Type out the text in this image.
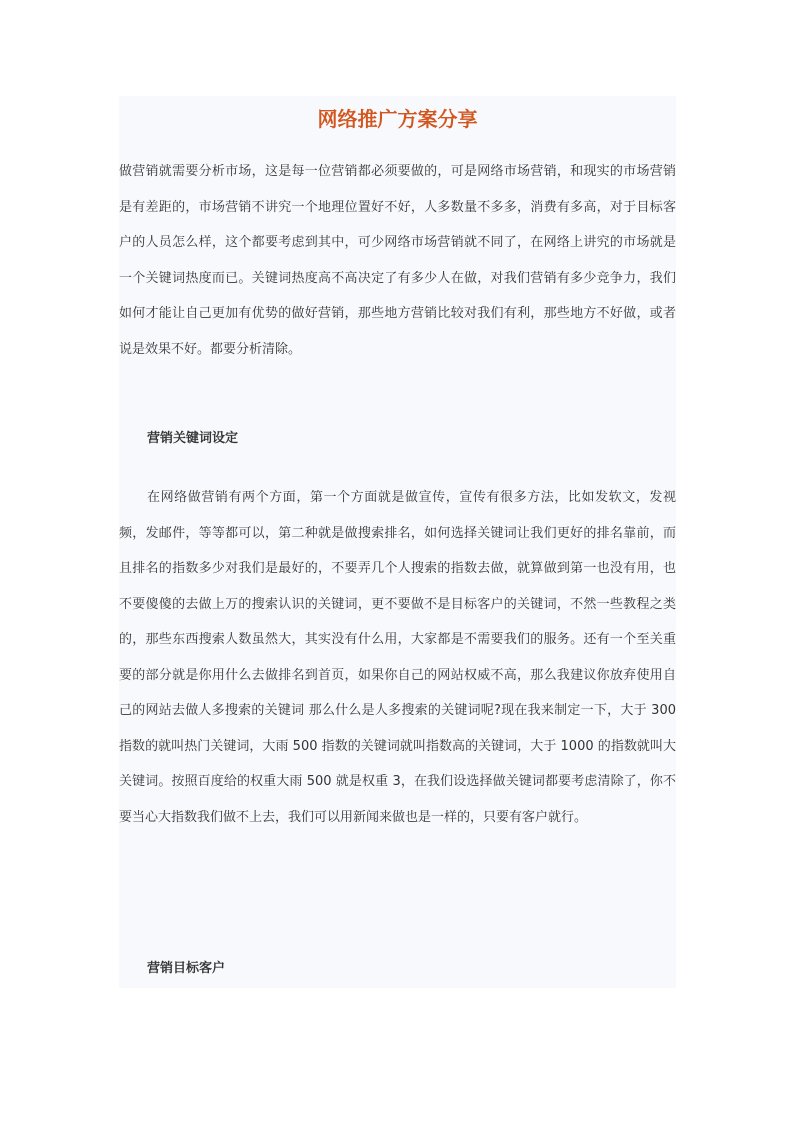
网络推广方案分享

做营销就需要分析市场，这是每一位营销都必须要做的，可是网络市场营销，和现实的市场营销是有差距的，市场营销不讲究一个地理位置好不好，人多数量不多多，消费有多高，对于目标客户的人员怎么样，这个都要考虑到其中，可少网络市场营销就不同了，在网络上讲究的市场就是一个关键词热度而已。关键词热度高不高决定了有多少人在做，对我们营销有多少竞争力，我们如何才能让自己更加有优势的做好营销，那些地方营销比较对我们有利，那些地方不好做，或者说是效果不好。都要分析清除。

营销关键词设定

在网络做营销有两个方面，第一个方面就是做宣传，宣传有很多方法，比如发软文，发视频，发邮件，等等都可以，第二种就是做搜索排名，如何选择关键词让我们更好的排名靠前，而且排名的指数多少对我们是最好的，不要弄几个人搜索的指数去做，就算做到第一也没有用，也不要傻傻的去做上万的搜索认识的关键词，更不要做不是目标客户的关键词，不然一些教程之类的，那些东西搜索人数虽然大，其实没有什么用，大家都是不需要我们的服务。还有一个至关重要的部分就是你用什么去做排名到首页，如果你自己的网站权威不高，那么我建议你放弃使用自己的网站去做人多搜索的关键词 那么什么是人多搜索的关键词呢?现在我来制定一下，大于 300 指数的就叫热门关键词，大雨 500 指数的关键词就叫指数高的关键词，大于 1000 的指数就叫大关键词。按照百度给的权重大雨 500 就是权重 3，在我们设选择做关键词都要考虑清除了，你不要当心大指数我们做不上去，我们可以用新闻来做也是一样的，只要有客户就行。

营销目标客户
